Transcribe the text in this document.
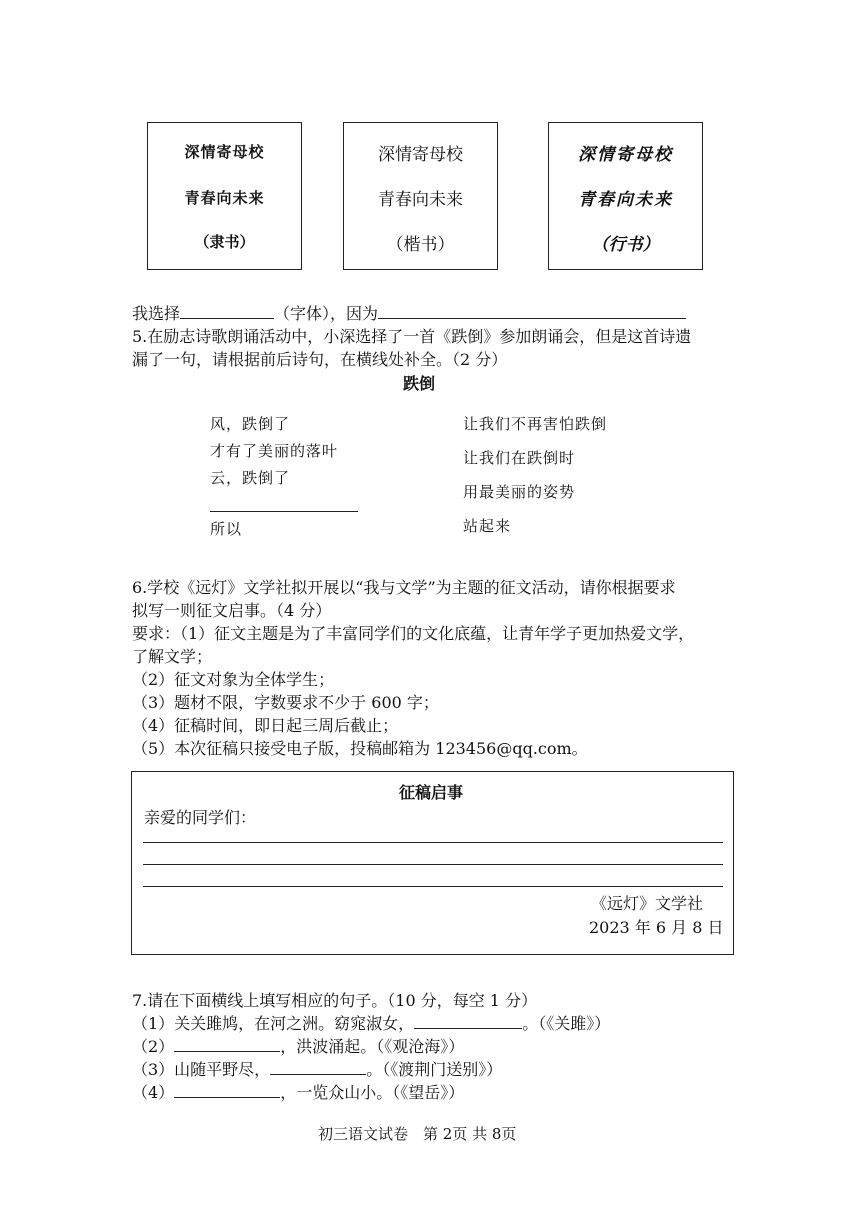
深情寄母校
青春向未来
（隶书）
深情寄母校
青春向未来
（楷书）
深情寄母校
青春向未来
（行书）
我选择	（字体），因为
5.在励志诗歌朗诵活动中，小深选择了一首《跌倒》参加朗诵会，但是这首诗遗
漏了一句，请根据前后诗句，在横线处补全。（2 分）
跌倒
风，跌倒了
才有了美丽的落叶
云，跌倒了
所以
让我们不再害怕跌倒
让我们在跌倒时
用最美丽的姿势
站起来
6.学校《远灯》文学社拟开展以“我与文学”为主题的征文活动，请你根据要求
拟写一则征文启事。（4 分）
要求：（1）征文主题是为了丰富同学们的文化底蕴，让青年学子更加热爱文学，
了解文学；
（2）征文对象为全体学生；
（3）题材不限，字数要求不少于 600 字；
（4）征稿时间，即日起三周后截止；
（5）本次征稿只接受电子版，投稿邮箱为 123456@qq.com。
征稿启事
亲爱的同学们：
《远灯》文学社
2023 年 6 月 8 日
7.请在下面横线上填写相应的句子。（10 分，每空 1 分）
（1）关关雎鸠，在河之洲。窈窕淑女，	。（《关雎》）
（2）	，洪波涌起。（《观沧海》）
（3）山随平野尽，	。（《渡荆门送别》）
（4）	，一览众山小。（《望岳》）
初三语文试卷　第 2页 共 8页
